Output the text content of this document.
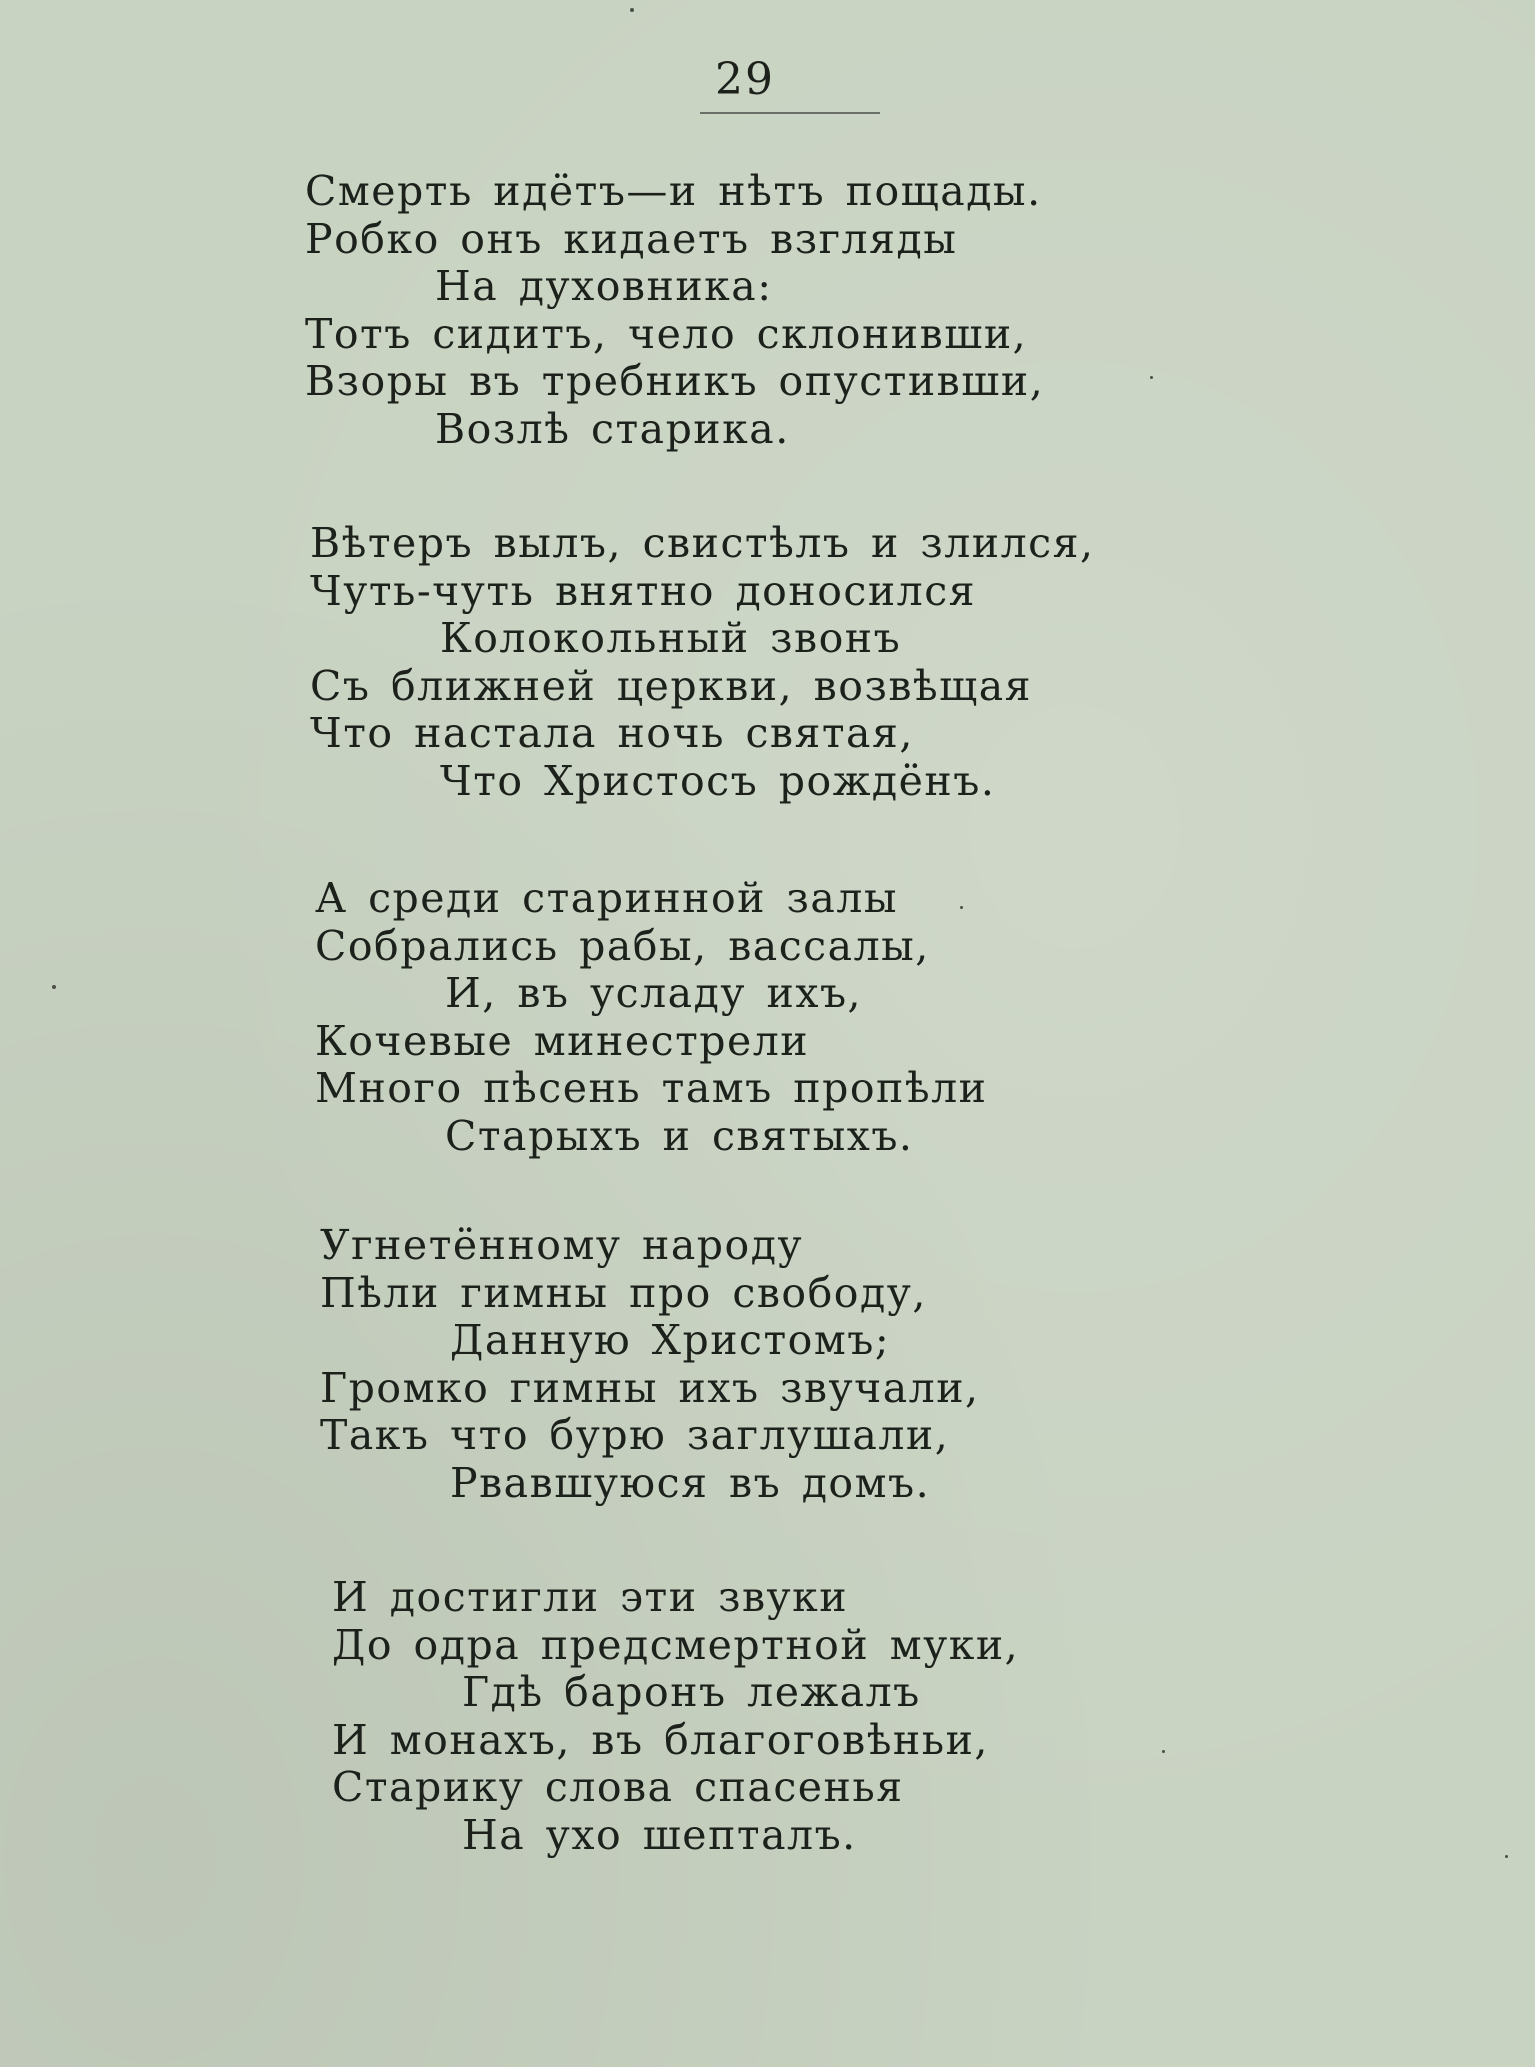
29
Смерть идётъ—и нѣтъ пощады.
Робко онъ кидаетъ взгляды
На духовника:
Тотъ сидитъ, чело склонивши,
Взоры въ требникъ опустивши,
Возлѣ старика.
Вѣтеръ вылъ, свистѣлъ и злился,
Чуть-чуть внятно доносился
Колокольный звонъ
Съ ближней церкви, возвѣщая
Что настала ночь святая,
Что Христосъ рождёнъ.
А среди старинной залы
Собрались рабы, вассалы,
И, въ усладу ихъ,
Кочевые минестрели
Много пѣсень тамъ пропѣли
Старыхъ и святыхъ.
Угнетённому народу
Пѣли гимны про свободу,
Данную Христомъ;
Громко гимны ихъ звучали,
Такъ что бурю заглушали,
Рвавшуюся въ домъ.
И достигли эти звуки
До одра предсмертной муки,
Гдѣ баронъ лежалъ
И монахъ, въ благоговѣньи,
Старику слова спасенья
На ухо шепталъ.
